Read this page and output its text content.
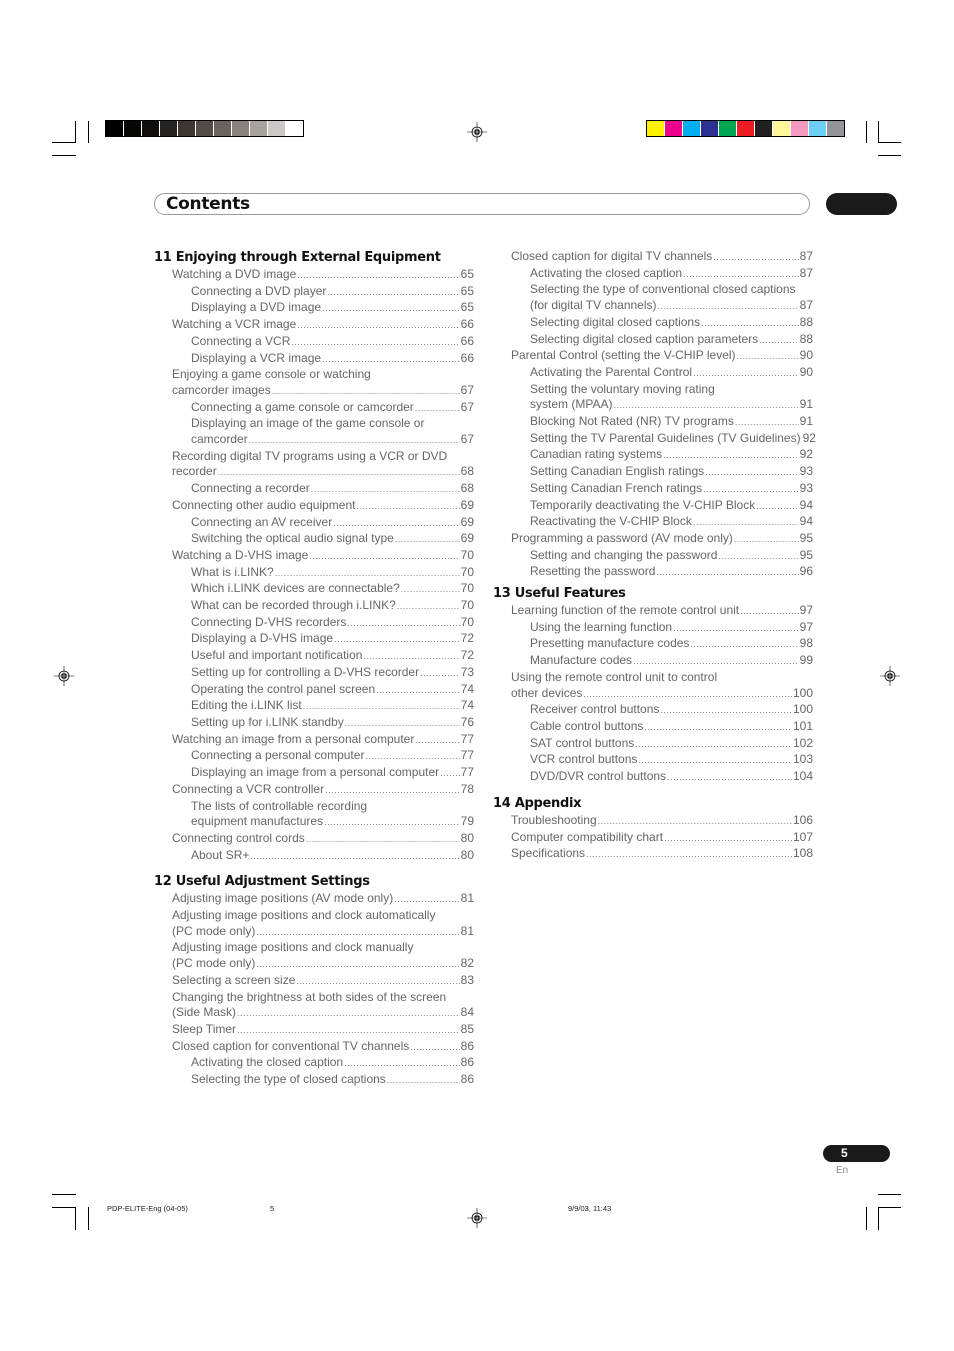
Contents
11 Enjoying through External Equipment
Watching a DVD image .....	65
Connecting a DVD player .....	65
Displaying a DVD image .....	65
Watching a VCR image .....	66
Connecting a VCR .....	66
Displaying a VCR image .....	66
Enjoying a game console or watching
camcorder images .....	67
Connecting a game console or camcorder .....	67
Displaying an image of the game console or
camcorder .....	67
Recording digital TV programs using a VCR or DVD
recorder .....	68
Connecting a recorder .....	68
Connecting other audio equipment .....	69
Connecting an AV receiver .....	69
Switching the optical audio signal type .....	69
Watching a D-VHS image .....	70
What is i.LINK? .....	70
Which i.LINK devices are connectable? .....	70
What can be recorded through i.LINK? .....	70
Connecting D-VHS recorders .....	70
Displaying a D-VHS image .....	72
Useful and important notification .....	72
Setting up for controlling a D-VHS recorder .....	73
Operating the control panel screen .....	74
Editing the i.LINK list .....	74
Setting up for i.LINK standby .....	76
Watching an image from a personal computer .....	77
Connecting a personal computer .....	77
Displaying an image from a personal computer ..... 77
Connecting a VCR controller .....	78
The lists of controllable recording
equipment manufactures .....	79
Connecting control cords .....	80
About SR+ .....	80
12 Useful Adjustment Settings
Adjusting image positions (AV mode only) .....	81
Adjusting image positions and clock automatically
(PC mode only) .....	81
Adjusting image positions and clock manually
(PC mode only) .....	82
Selecting a screen size .....	83
Changing the brightness at both sides of the screen
(Side Mask) .....	84
Sleep Timer .....	85
Closed caption for conventional TV channels .....	86
Activating the closed caption .....	86
Selecting the type of closed captions .....	86
Closed caption for digital TV channels .....	87
Activating the closed caption .....	87
Selecting the type of conventional closed captions
(for digital TV channels) .....	87
Selecting digital closed captions .....	88
Selecting digital closed caption parameters .....	88
Parental Control (setting the V-CHIP level) .....	90
Activating the Parental Control .....	90
Setting the voluntary moving rating
system (MPAA) .....	91
Blocking Not Rated (NR) TV programs .....	91
Setting the TV Parental Guidelines (TV Guidelines) 92
Canadian rating systems .....	92
Setting Canadian English ratings .....	93
Setting Canadian French ratings .....	93
Temporarily deactivating the V-CHIP Block .....	94
Reactivating the V-CHIP Block .....	94
Programming a password (AV mode only) .....	95
Setting and changing the password .....	95
Resetting the password .....	96
13 Useful Features
Learning function of the remote control unit .....	97
Using the learning function .....	97
Presetting manufacture codes .....	98
Manufacture codes .....	99
Using the remote control unit to control
other devices .....	100
Receiver control buttons .....	100
Cable control buttons .....	101
SAT control buttons .....	102
VCR control buttons .....	103
DVD/DVR control buttons .....	104
14 Appendix
Troubleshooting .....	106
Computer compatibility chart .....	107
Specifications .....	108
5
En
PDP-ELITE-Eng (04-05)	5	9/9/03, 11:43
